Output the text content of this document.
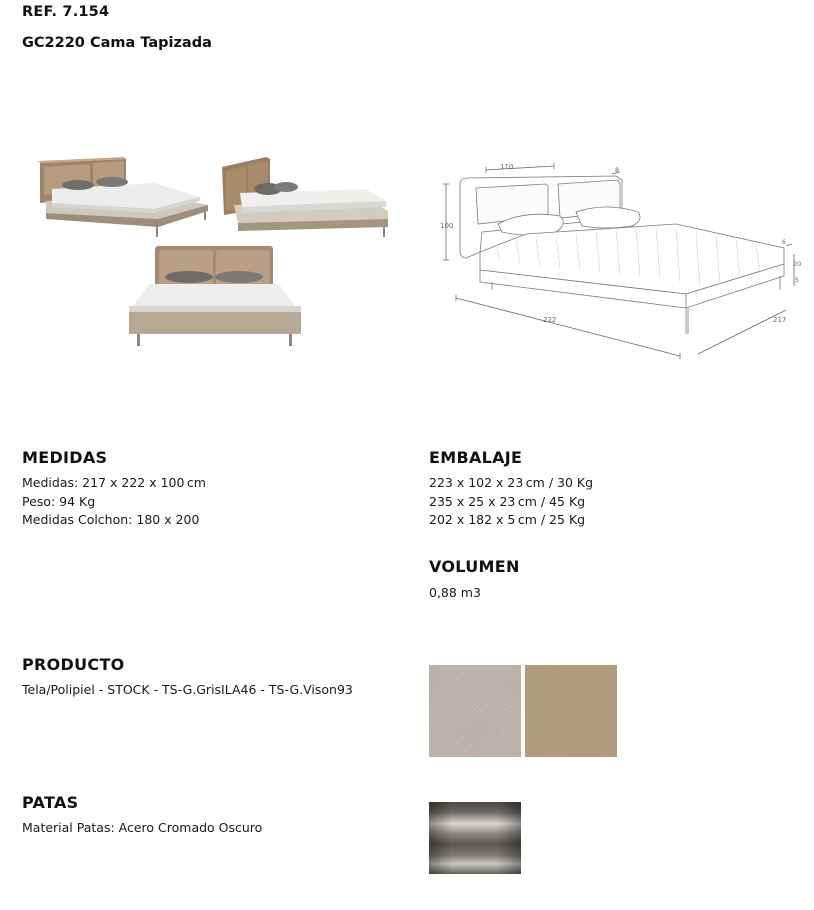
REF. 7.154
GC2220 Cama Tapizada
110
100
8
6
20
5
222	217
MEDIDAS
Medidas: 217 x 222 x 100 cm
Peso: 94 Kg
Medidas Colchon: 180 x 200
EMBALAJE
223 x 102 x 23 cm / 30 Kg
235 x 25 x 23 cm / 45 Kg
202 x 182 x 5 cm / 25 Kg
VOLUMEN
0,88 m3
PRODUCTO
Tela/Polipiel - STOCK - TS-G.GrisILA46 - TS-G.Vison93
PATAS
Material Patas: Acero Cromado Oscuro
